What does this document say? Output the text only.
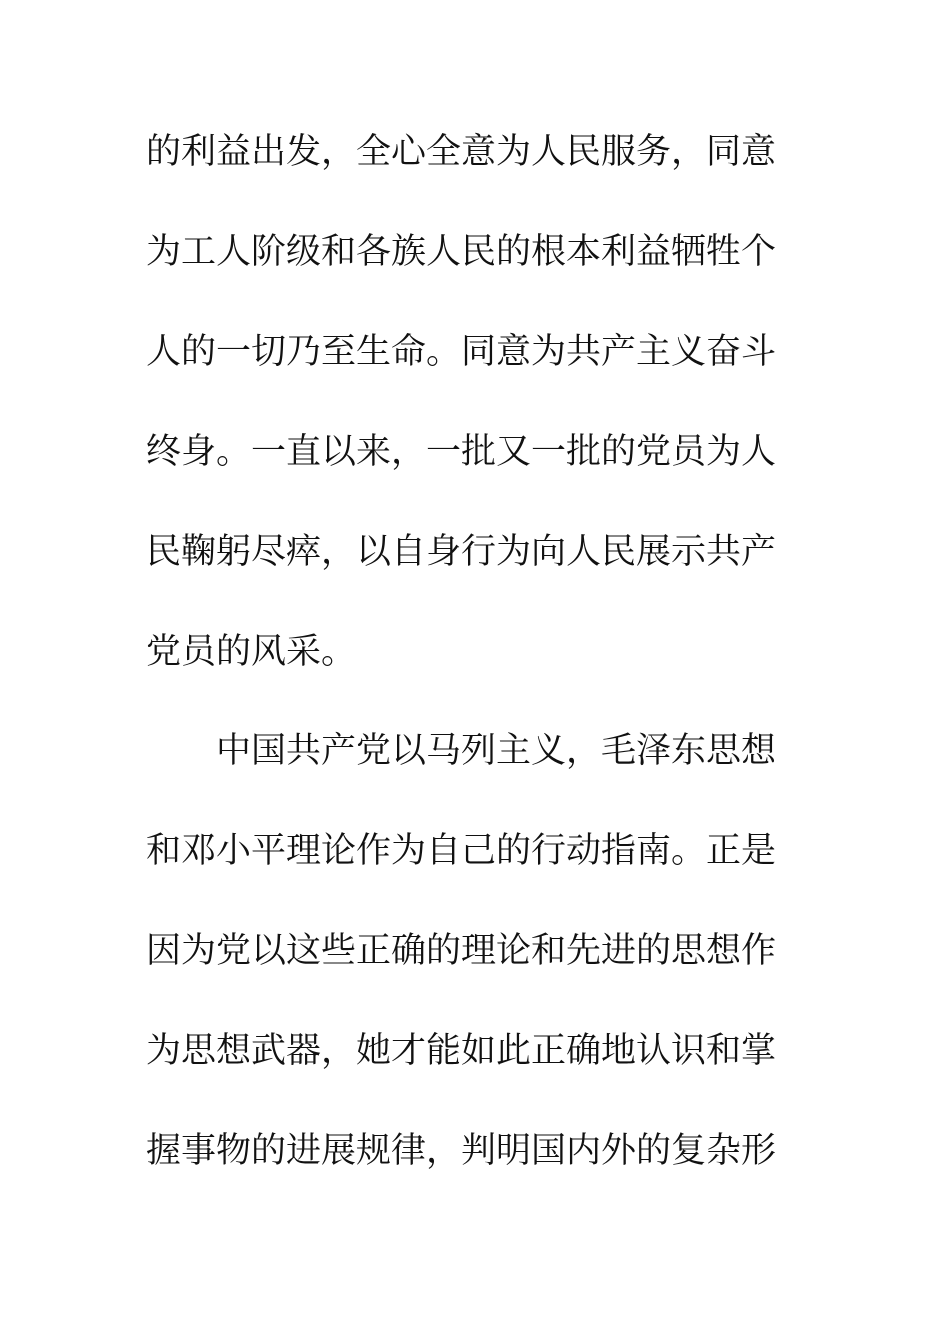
的利益出发，全心全意为人民服务，同意
为工人阶级和各族人民的根本利益牺牲个
人的一切乃至生命。同意为共产主义奋斗
终身。一直以来，一批又一批的党员为人
民鞠躬尽瘁，以自身行为向人民展示共产
党员的风采。
中国共产党以马列主义，毛泽东思想
和邓小平理论作为自己的行动指南。正是
因为党以这些正确的理论和先进的思想作
为思想武器，她才能如此正确地认识和掌
握事物的进展规律，判明国内外的复杂形
